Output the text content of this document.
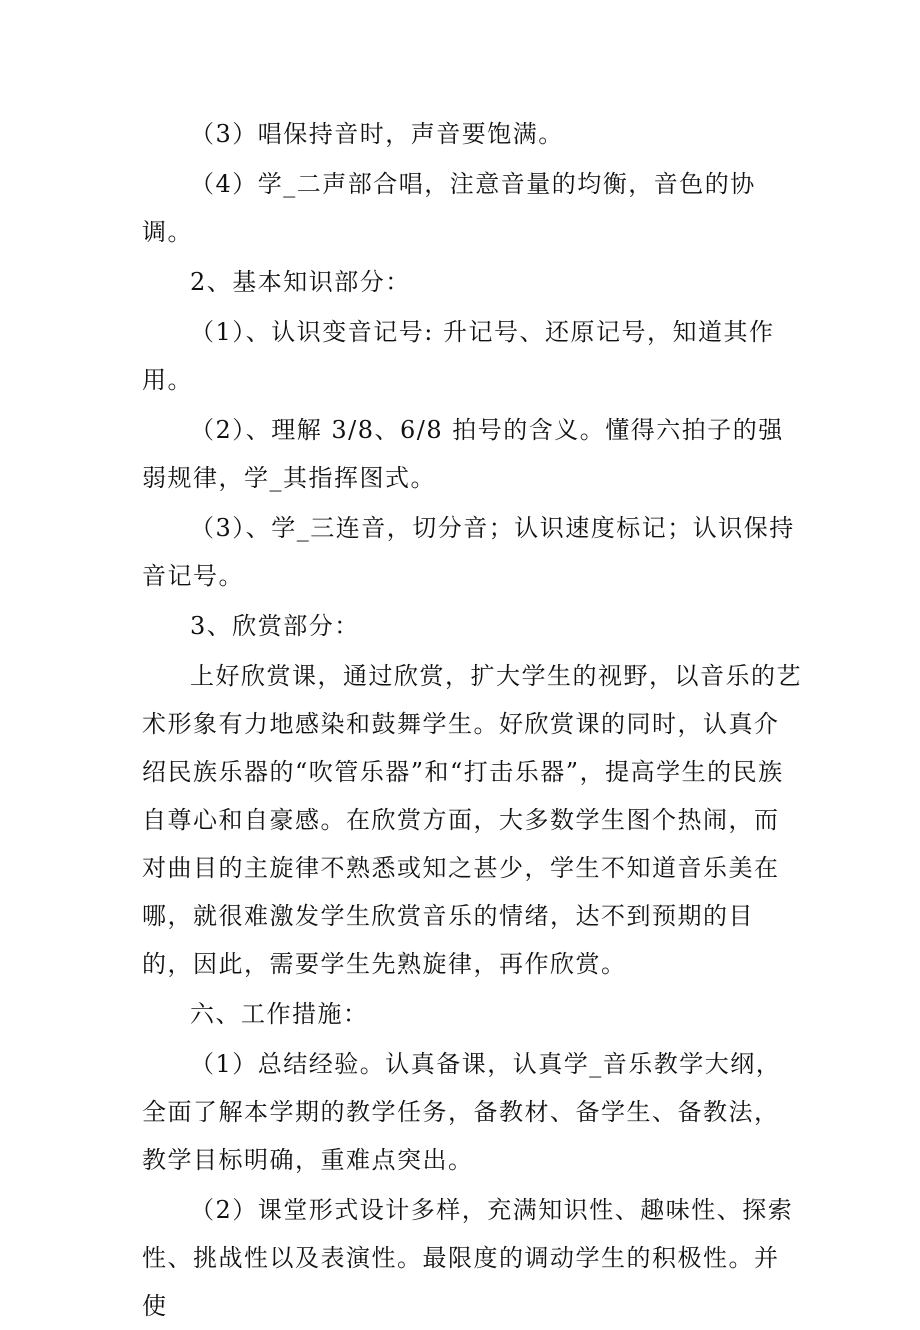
（3）唱保持音时，声音要饱满。

（4）学_二声部合唱，注意音量的均衡，音色的协调。

2、基本知识部分：

（1）、认识变音记号: 升记号、还原记号，知道其作用。

（2）、理解 3/8、6/8 拍号的含义。懂得六拍子的强弱规律，学_其指挥图式。

（3）、学_三连音，切分音；认识速度标记；认识保持音记号。

3、欣赏部分：

上好欣赏课，通过欣赏，扩大学生的视野，以音乐的艺术形象有力地感染和鼓舞学生。好欣赏课的同时，认真介绍民族乐器的“吹管乐器”和“打击乐器”，提高学生的民族自尊心和自豪感。在欣赏方面，大多数学生图个热闹，而对曲目的主旋律不熟悉或知之甚少，学生不知道音乐美在哪，就很难激发学生欣赏音乐的情绪，达不到预期的目的，因此，需要学生先熟旋律，再作欣赏。

六、工作措施：

（1）总结经验。认真备课，认真学_音乐教学大纲，全面了解本学期的教学任务，备教材、备学生、备教法，教学目标明确，重难点突出。

（2）课堂形式设计多样，充满知识性、趣味性、探索性、挑战性以及表演性。最限度的调动学生的积极性。并使
